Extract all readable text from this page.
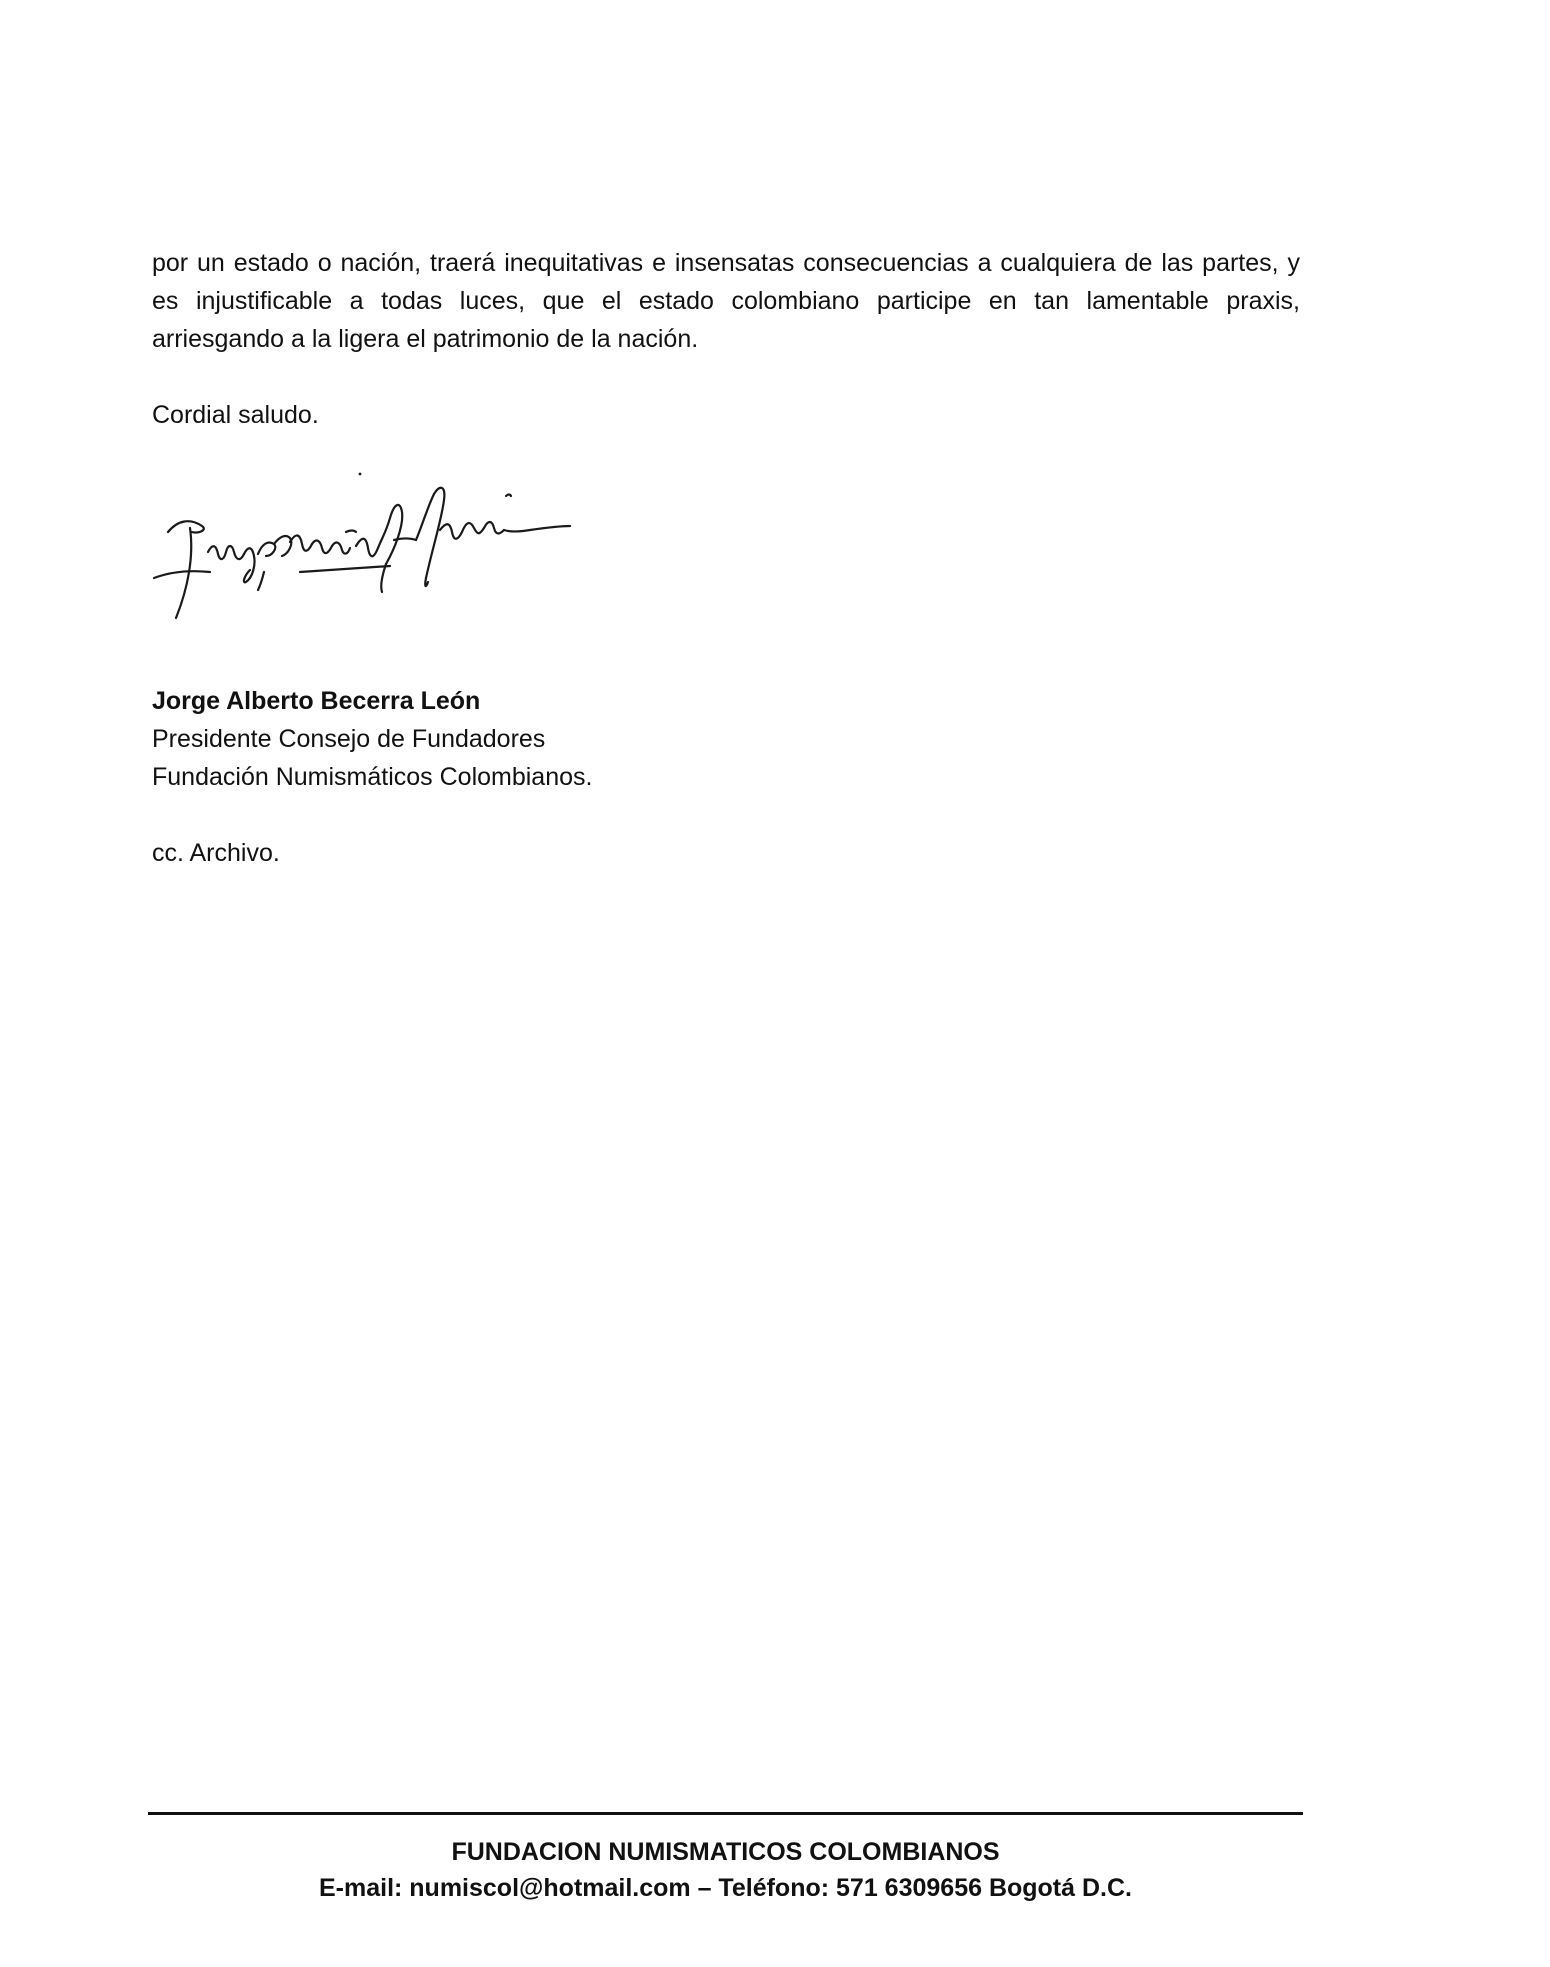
por un estado o nación, traerá inequitativas e insensatas consecuencias a cualquiera de las partes, y es injustificable a todas luces, que el estado colombiano participe en tan lamentable praxis, arriesgando a la ligera el patrimonio de la nación.

Cordial saludo.
Jorge Alberto Becerra León
Presidente Consejo de Fundadores
Fundación Numismáticos Colombianos.
cc. Archivo.
FUNDACION NUMISMATICOS COLOMBIANOS
E-mail: numiscol@hotmail.com – Teléfono: 571 6309656 Bogotá D.C.
